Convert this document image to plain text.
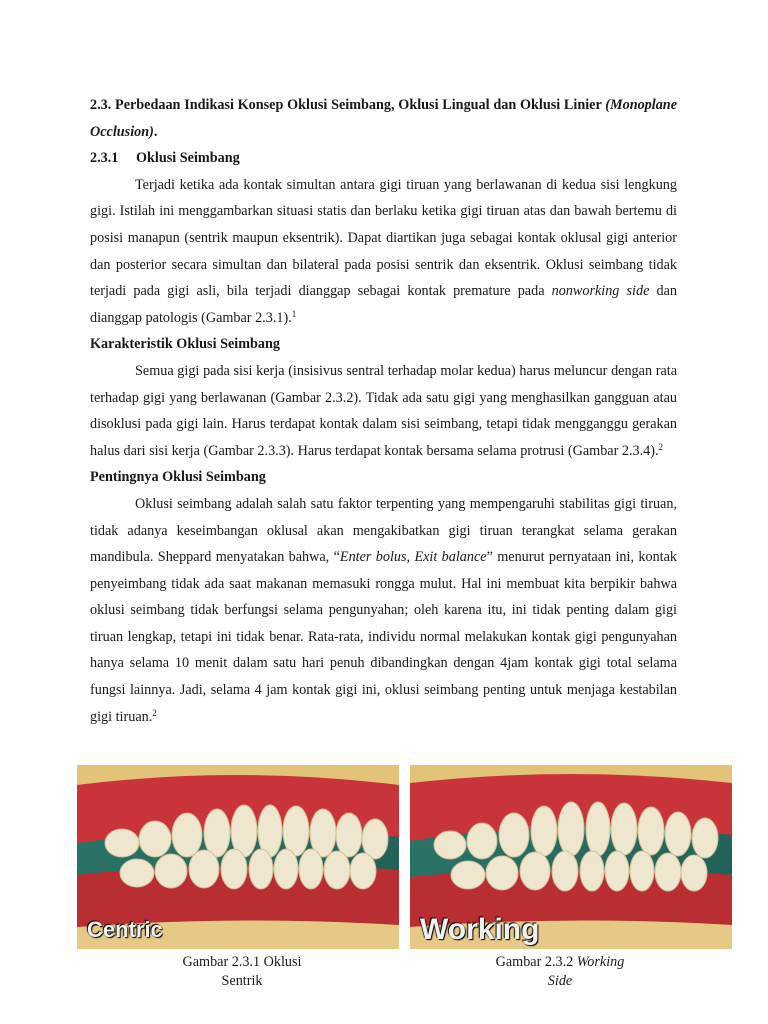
2.3. Perbedaan Indikasi Konsep Oklusi Seimbang, Oklusi Lingual dan Oklusi Linier (Monoplane Occlusion).

2.3.1 Oklusi Seimbang

Terjadi ketika ada kontak simultan antara gigi tiruan yang berlawanan di kedua sisi lengkung gigi. Istilah ini menggambarkan situasi statis dan berlaku ketika gigi tiruan atas dan bawah bertemu di posisi manapun (sentrik maupun eksentrik). Dapat diartikan juga sebagai kontak oklusal gigi anterior dan posterior secara simultan dan bilateral pada posisi sentrik dan eksentrik. Oklusi seimbang tidak terjadi pada gigi asli, bila terjadi dianggap sebagai kontak premature pada nonworking side dan dianggap patologis (Gambar 2.3.1).$^1$

Karakteristik Oklusi Seimbang

Semua gigi pada sisi kerja (insisivus sentral terhadap molar kedua) harus meluncur dengan rata terhadap gigi yang berlawanan (Gambar 2.3.2). Tidak ada satu gigi yang menghasilkan gangguan atau disoklusi pada gigi lain. Harus terdapat kontak dalam sisi seimbang, tetapi tidak mengganggu gerakan halus dari sisi kerja (Gambar 2.3.3). Harus terdapat kontak bersama selama protrusi (Gambar 2.3.4).$^2$

Pentingnya Oklusi Seimbang

Oklusi seimbang adalah salah satu faktor terpenting yang mempengaruhi stabilitas gigi tiruan, tidak adanya keseimbangan oklusal akan mengakibatkan gigi tiruan terangkat selama gerakan mandibula. Sheppard menyatakan bahwa, “Enter bolus, Exit balance” menurut pernyataan ini, kontak penyeimbang tidak ada saat makanan memasuki rongga mulut. Hal ini membuat kita berpikir bahwa oklusi seimbang tidak berfungsi selama pengunyahan; oleh karena itu, ini tidak penting dalam gigi tiruan lengkap, tetapi ini tidak benar. Rata-rata, individu normal melakukan kontak gigi pengunyahan hanya selama 10 menit dalam satu hari penuh dibandingkan dengan 4jam kontak gigi total selama fungsi lainnya. Jadi, selama 4 jam kontak gigi ini, oklusi seimbang penting untuk menjaga kestabilan gigi tiruan.$^2$

Centric	Working
Gambar 2.3.1 Oklusi
Sentrik
Gambar 2.3.2 Working
Side
